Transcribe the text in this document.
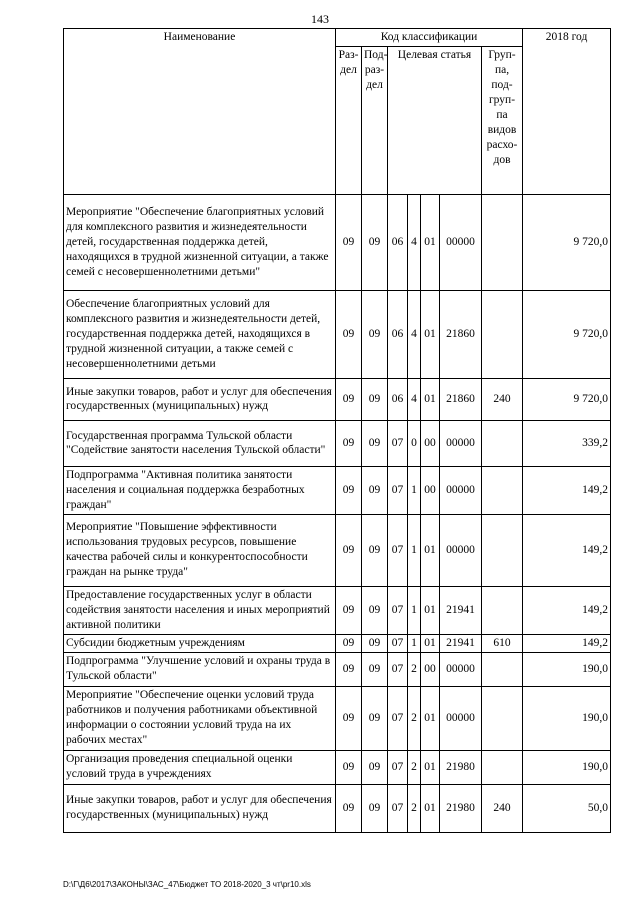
143
Наименование	Код классификации							2018 год
	Раз- дел	Под- раз- дел	Целевая статья				Груп- па, под- груп- па видов расхо- дов	
Мероприятие "Обеспечение благоприятных условий для комплексного развития и жизнедеятельности детей, государственная поддержка детей, находящихся в трудной жизненной ситуации, а также семей с несовершеннолетними детьми"	09	09	06	4	01	00000		9 720,0
Обеспечение благоприятных условий для комплексного развития и жизнедеятельности детей, государственная поддержка детей, находящихся в трудной жизненной ситуации, а также семей с несовершеннолетними детьми	09	09	06	4	01	21860		9 720,0
Иные закупки товаров, работ и услуг для обеспечения государственных (муниципальных) нужд	09	09	06	4	01	21860	240	9 720,0
Государственная программа Тульской области "Содействие занятости населения Тульской области"	09	09	07	0	00	00000		339,2
Подпрограмма "Активная политика занятости населения и социальная поддержка безработных граждан"	09	09	07	1	00	00000		149,2
Мероприятие "Повышение эффективности использования трудовых ресурсов, повышение качества рабочей силы и конкурентоспособности граждан на рынке труда"	09	09	07	1	01	00000		149,2
Предоставление государственных услуг в области содействия занятости населения и иных мероприятий активной политики	09	09	07	1	01	21941		149,2
Субсидии бюджетным учреждениям	09	09	07	1	01	21941	610	149,2
Подпрограмма "Улучшение условий и охраны труда в Тульской области"	09	09	07	2	00	00000		190,0
Мероприятие "Обеспечение оценки условий труда работников и получения работниками объективной информации о состоянии условий труда на их рабочих местах"	09	09	07	2	01	00000		190,0
Организация проведения специальной оценки условий труда в учреждениях	09	09	07	2	01	21980		190,0
Иные закупки товаров, работ и услуг для обеспечения государственных (муниципальных) нужд	09	09	07	2	01	21980	240	50,0
D:\Г\Д6\2017\ЗАКОНЫ\ЗАС_47\Бюджет ТО 2018-2020_3 чт\pr10.xls
